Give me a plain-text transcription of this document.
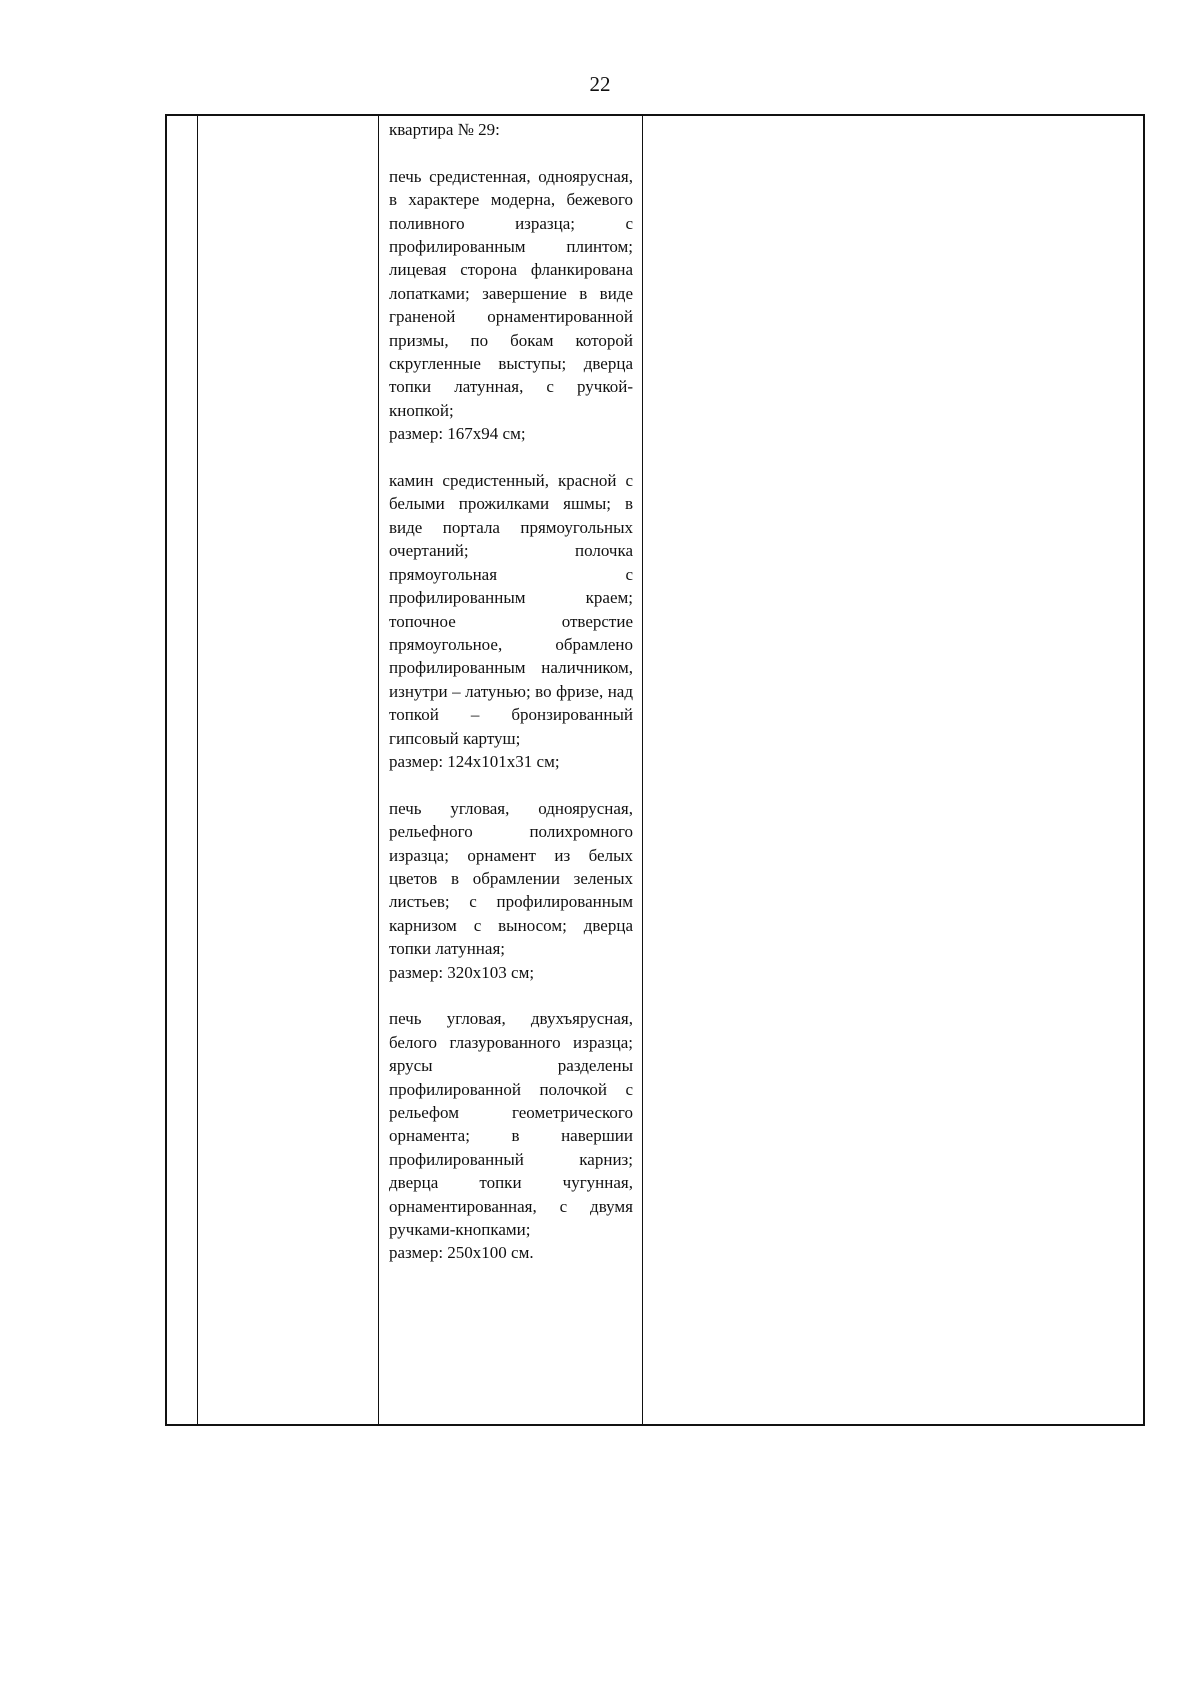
22

квартира № 29:

печь средистенная, одноярусная, в характере модерна, бежевого поливного изразца; с профилированным плинтом; лицевая сторона фланкирована лопатками; завершение в виде граненой орнаментированной призмы, по бокам которой скругленные выступы; дверца топки латунная, с ручкой-кнопкой;

размер: 167х94 см;

камин средистенный, красной с белыми прожилками яшмы; в виде портала прямоугольных очертаний; полочка прямоугольная с профилированным краем; топочное отверстие прямоугольное, обрамлено профилированным наличником, изнутри – латунью; во фризе, над топкой – бронзированный гипсовый картуш;

размер: 124х101х31 см;

печь угловая, одноярусная, рельефного полихромного изразца; орнамент из белых цветов в обрамлении зеленых листьев; с профилированным карнизом с выносом; дверца топки латунная;

размер: 320х103 см;

печь угловая, двухъярусная, белого глазурованного изразца; ярусы разделены профилированной полочкой с рельефом геометрического орнамента; в навершии профилированный карниз; дверца топки чугунная, орнаментированная, с двумя ручками-кнопками;

размер: 250х100 см.
